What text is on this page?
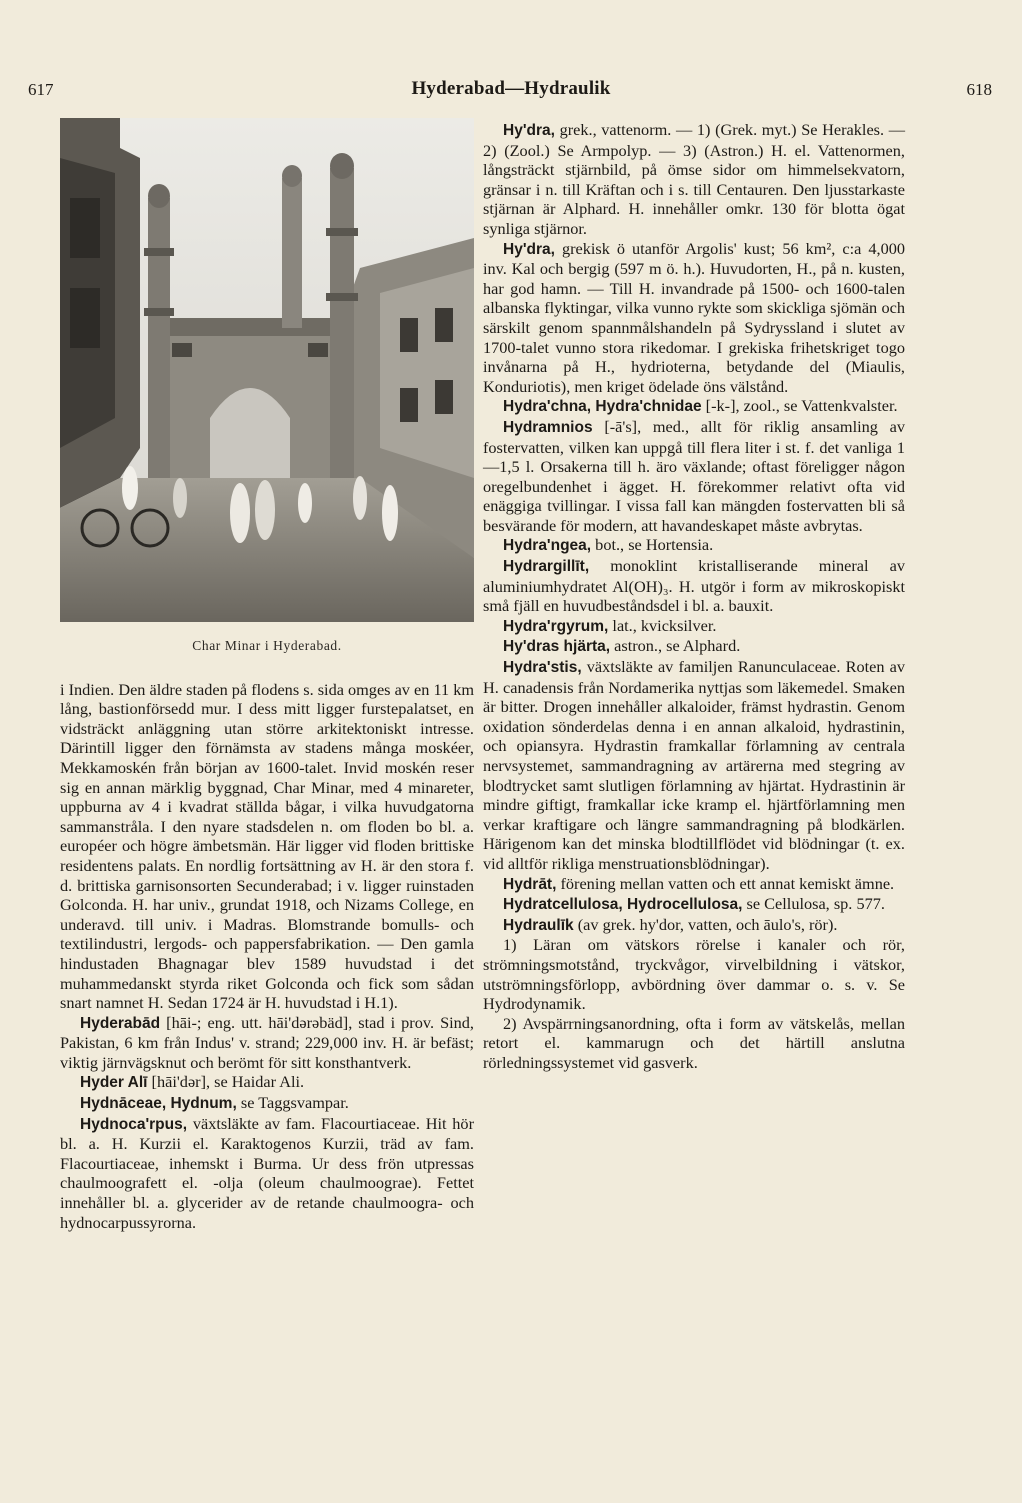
617	Hyderabad—Hydraulik	618
Char Minar i Hyderabad.

i Indien. Den äldre staden på flodens s. sida omges av en 11 km lång, bastionförsedd mur. I dess mitt ligger furstepalatset, en vidsträckt anläggning utan större arkitektoniskt intresse. Därintill ligger den förnämsta av stadens många moskéer, Mekkamoskén från början av 1600-talet. Invid moskén reser sig en annan märklig byggnad, Char Minar, med 4 minareter, uppburna av 4 i kvadrat ställda bågar, i vilka huvudgatorna sammanstråla. I den nyare stadsdelen n. om floden bo bl. a. européer och högre ämbetsmän. Här ligger vid floden brittiske residentens palats. En nordlig fortsättning av H. är den stora f. d. brittiska garnisonsorten Secunderabad; i v. ligger ruinstaden Golconda. H. har univ., grundat 1918, och Nizams College, en underavd. till univ. i Madras. Blomstrande bomulls- och textilindustri, lergods- och pappersfabrikation. — Den gamla hindustaden Bhagnagar blev 1589 huvudstad i det muhammedanskt styrda riket Golconda och fick som sådan snart namnet H. Sedan 1724 är H. huvudstad i H.1).

Hyderabād [hāi-; eng. utt. hāi'dərəbäd], stad i prov. Sind, Pakistan, 6 km från Indus' v. strand; 229,000 inv. H. är befäst; viktig järnvägsknut och berömt för sitt konsthantverk.

Hyder Alī [hāi'dər], se Haidar Ali.

Hydnāceae, Hydnum, se Taggsvampar.

Hydnoca'rpus, växtsläkte av fam. Flacourtiaceae. Hit hör bl. a. H. Kurzii el. Karaktogenos Kurzii, träd av fam. Flacourtiaceae, inhemskt i Burma. Ur dess frön utpressas chaulmoografett el. -olja (oleum chaulmoograe). Fettet innehåller bl. a. glycerider av de retande chaulmoogra- och hydnocarpussyrorna.

Hy'dra, grek., vattenorm. — 1) (Grek. myt.) Se Herakles. — 2) (Zool.) Se Armpolyp. — 3) (Astron.) H. el. Vattenormen, långsträckt stjärnbild, på ömse sidor om himmelsekvatorn, gränsar i n. till Kräftan och i s. till Centauren. Den ljusstarkaste stjärnan är Alphard. H. innehåller omkr. 130 för blotta ögat synliga stjärnor.

Hy'dra, grekisk ö utanför Argolis' kust; 56 km², c:a 4,000 inv. Kal och bergig (597 m ö. h.). Huvudorten, H., på n. kusten, har god hamn. — Till H. invandrade på 1500- och 1600-talen albanska flyktingar, vilka vunno rykte som skickliga sjömän och särskilt genom spannmålshandeln på Sydryssland i slutet av 1700-talet vunno stora rikedomar. I grekiska frihetskriget togo invånarna på H., hydrioterna, betydande del (Miaulis, Konduriotis), men kriget ödelade öns välstånd.

Hydra'chna, Hydra'chnidae [-k-], zool., se Vattenkvalster.

Hydramnios [-ā's], med., allt för riklig ansamling av fostervatten, vilken kan uppgå till flera liter i st. f. det vanliga 1—1,5 l. Orsakerna till h. äro växlande; oftast föreligger någon oregelbundenhet i ägget. H. förekommer relativt ofta vid enäggiga tvillingar. I vissa fall kan mängden fostervatten bli så besvärande för modern, att havandeskapet måste avbrytas.

Hydra'ngea, bot., se Hortensia.

Hydrargillīt, monoklint kristalliserande mineral av aluminiumhydratet Al(OH)₃. H. utgör i form av mikroskopiskt små fjäll en huvudbeståndsdel i bl. a. bauxit.

Hydra'rgyrum, lat., kvicksilver.

Hy'dras hjärta, astron., se Alphard.

Hydra'stis, växtsläkte av familjen Ranunculaceae. Roten av H. canadensis från Nordamerika nyttjas som läkemedel. Smaken är bitter. Drogen innehåller alkaloider, främst hydrastin. Genom oxidation sönderdelas denna i en annan alkaloid, hydrastinin, och opiansyra. Hydrastin framkallar förlamning av centrala nervsystemet, sammandragning av artärerna med stegring av blodtrycket samt slutligen förlamning av hjärtat. Hydrastinin är mindre giftigt, framkallar icke kramp el. hjärtförlamning men verkar kraftigare och längre sammandragning på blodkärlen. Härigenom kan det minska blodtillflödet vid blödningar (t. ex. vid alltför rikliga menstruationsblödningar).

Hydrāt, förening mellan vatten och ett annat kemiskt ämne.

Hydratcellulosa, Hydrocellulosa, se Cellulosa, sp. 577.

Hydraulīk (av grek. hy'dor, vatten, och āulo's, rör).

1) Läran om vätskors rörelse i kanaler och rör, strömningsmotstånd, tryckvågor, virvelbildning i vätskor, utströmningsförlopp, avbördning över dammar o. s. v. Se Hydrodynamik.

2) Avspärrningsanordning, ofta i form av vätskelås, mellan retort el. kammarugn och det härtill anslutna rörledningssystemet vid gasverk.
